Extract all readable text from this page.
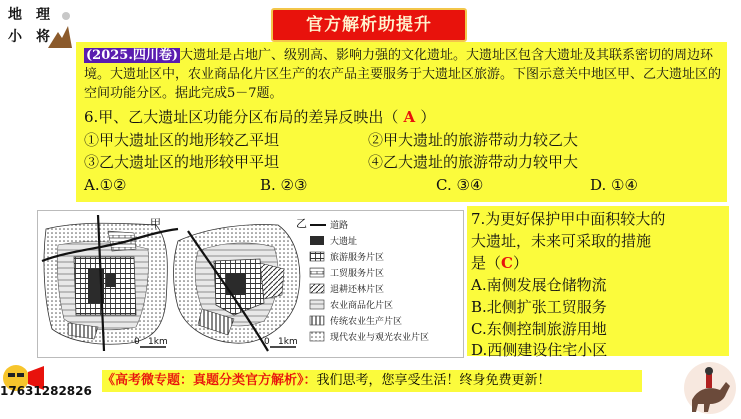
地 理
小 将
官方解析助提升
(2025.四川卷) 大遗址是占地广、级别高、影响力强的文化遗址。大遗址区包含大遗址及其联系密切的周边环境。大遗址区中，农业商品化片区生产的农产品主要服务于大遗址区旅游。下图示意关中地区甲、乙大遗址区的空间功能分区。据此完成5－7题。
6.甲、乙大遗址区功能分区布局的差异反映出（ A ）
①甲大遗址区的地形较乙平坦	②甲大遗址的旅游带动力较乙大
③乙大遗址区的地形较甲平坦	④乙大遗址的旅游带动力较甲大
A.①②	B. ②③	C. ③④	D. ①④
甲
0 1km
乙
0 1km
道路
大遗址
旅游服务片区
工贸服务片区
退耕还林片区
农业商品化片区
传统农业生产片区
现代农业与观光农业片区
7.为更好保护甲中面积较大的
大遗址，未来可采取的措施
是（C）
A.南侧发展仓储物流
B.北侧扩张工贸服务
C.东侧控制旅游用地
D.西侧建设住宅小区
《高考微专题：真题分类官方解析》：我们思考，您享受生活！终身免费更新！
17631282826
